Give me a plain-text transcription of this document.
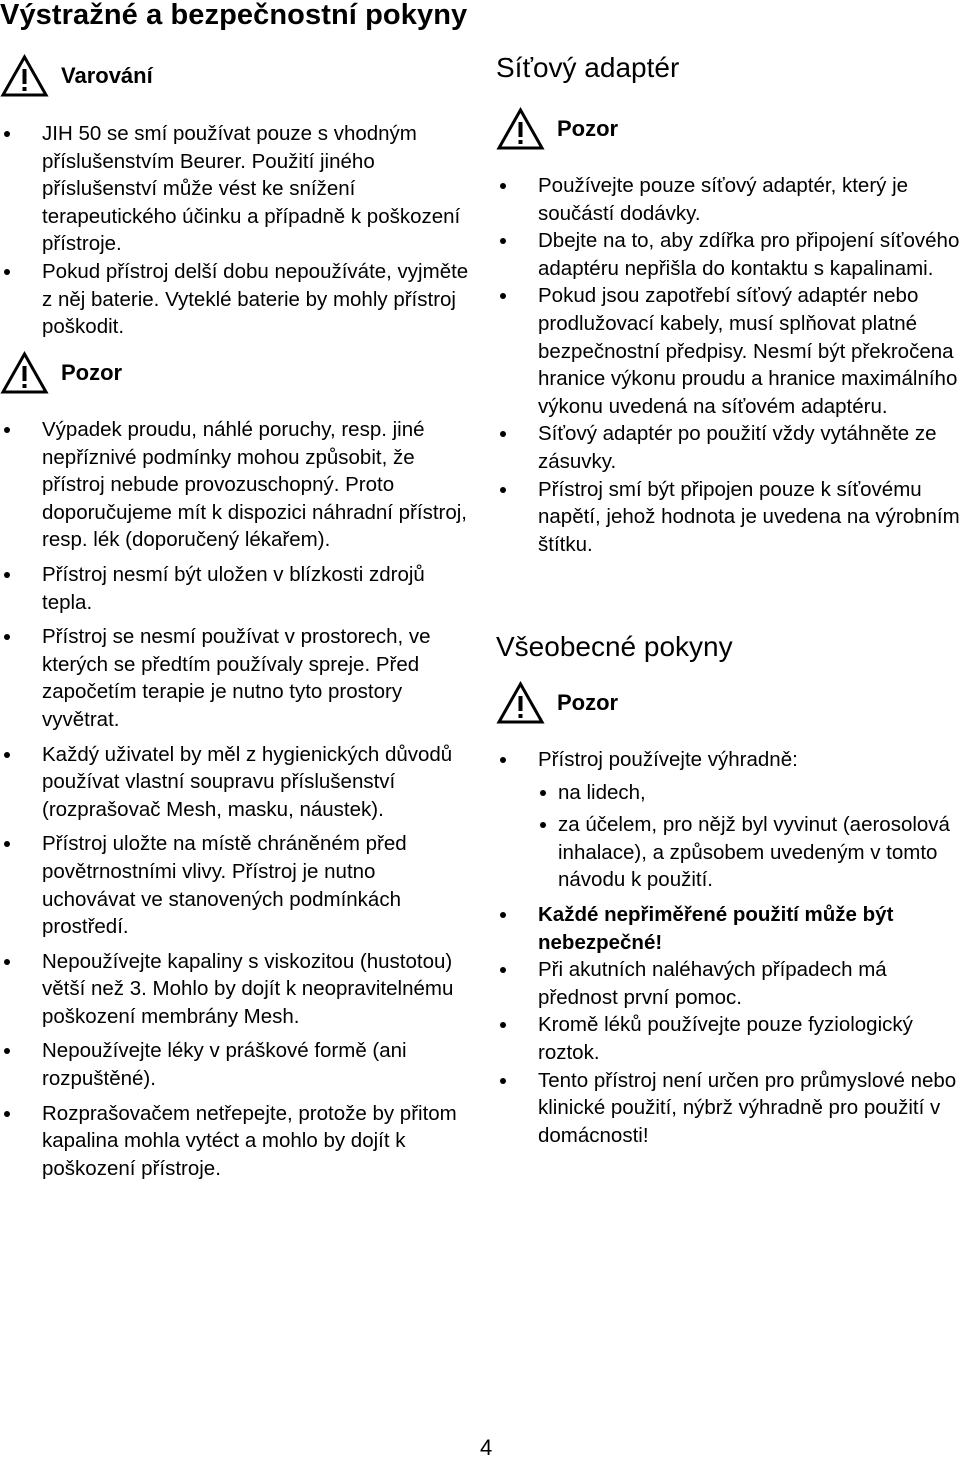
Výstražné a bezpečnostní pokyny
Varování
JIH 50 se smí používat pouze s vhodným příslušenstvím Beurer. Použití jiného příslušenství může vést ke snížení terapeutického účinku a případně k poškození přístroje.
Pokud přístroj delší dobu nepoužíváte, vyjměte z něj baterie. Vyteklé baterie by mohly přístroj poškodit.
Pozor
Výpadek proudu, náhlé poruchy, resp. jiné nepříznivé podmínky mohou způsobit, že přístroj nebude provozuschopný. Proto doporučujeme mít k dispozici náhradní přístroj, resp. lék (doporučený lékařem).
Přístroj nesmí být uložen v blízkosti zdrojů tepla.
Přístroj se nesmí používat v prostorech, ve kterých se předtím používaly spreje. Před započetím terapie je nutno tyto prostory vyvětrat.
Každý uživatel by měl z hygienických důvodů používat vlastní soupravu příslušenství (rozprašovač Mesh, masku, náustek).
Přístroj uložte na místě chráněném před povětrnostními vlivy. Přístroj je nutno uchovávat ve stanovených podmínkách prostředí.
Nepoužívejte kapaliny s viskozitou (hustotou) větší než 3. Mohlo by dojít k neopravitelnému poškození membrány Mesh.
Nepoužívejte léky v práškové formě (ani rozpuštěné).
Rozprašovačem netřepejte, protože by přitom kapalina mohla vytéct a mohlo by dojít k poškození přístroje.
Síťový adaptér
Pozor
Používejte pouze síťový adaptér, který je součástí dodávky.
Dbejte na to, aby zdířka pro připojení síťového adaptéru nepřišla do kontaktu s kapalinami.
Pokud jsou zapotřebí síťový adaptér nebo prodlužovací kabely, musí splňovat platné bezpečnostní předpisy. Nesmí být překročena hranice výkonu proudu a hranice maximálního výkonu uvedená na síťovém adaptéru.
Síťový adaptér po použití vždy vytáhněte ze zásuvky.
Přístroj smí být připojen pouze k síťovému napětí, jehož hodnota je uvedena na výrobním štítku.
Všeobecné pokyny
Pozor
Přístroj používejte výhradně:
na lidech,
za účelem, pro nějž byl vyvinut (aerosolová inhalace), a způsobem uvedeným v tomto návodu k použití.
Každé nepřiměřené použití může být nebezpečné!
Při akutních naléhavých případech má přednost první pomoc.
Kromě léků používejte pouze fyziologický roztok.
Tento přístroj není určen pro průmyslové nebo klinické použití, nýbrž výhradně pro použití v domácnosti!
4
